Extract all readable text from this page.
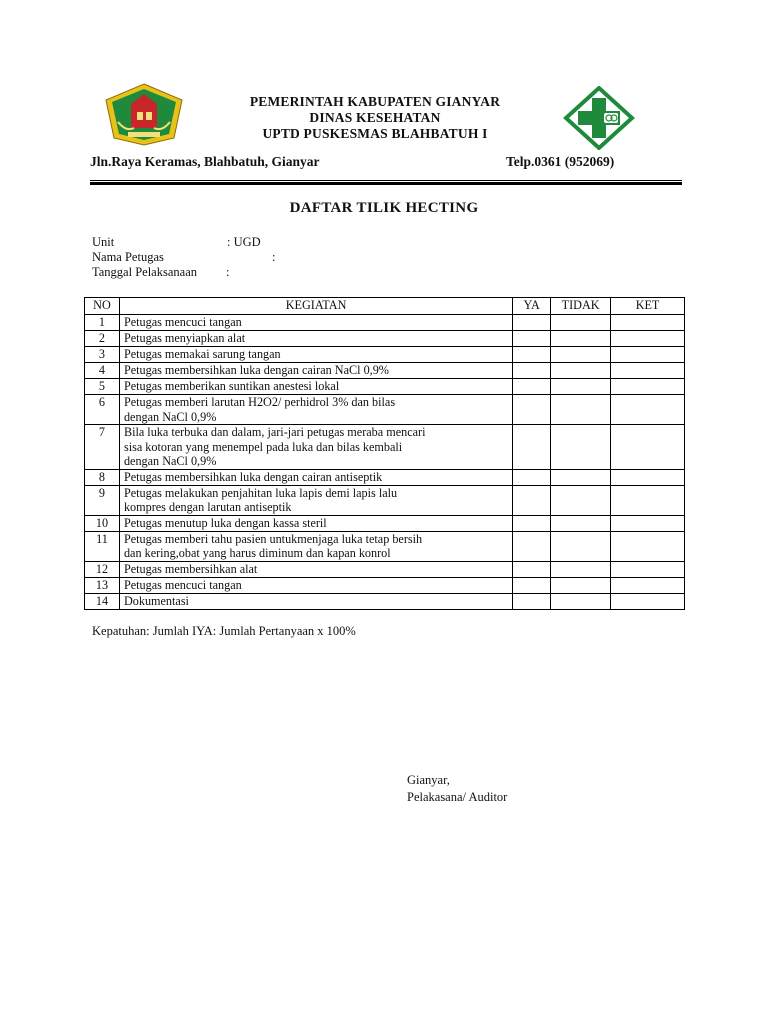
PEMERINTAH KABUPATEN GIANYAR
DINAS KESEHATAN
UPTD PUSKESMAS BLAHBATUH I
Jln.Raya Keramas, Blahbatuh, Gianyar	Telp.0361 (952069)
DAFTAR TILIK HECTING
Unit	: UGD
Nama Petugas	:
Tanggal Pelaksanaan :
NO	KEGIATAN	YA	TIDAK	KET
1	Petugas mencuci tangan			

2	Petugas menyiapkan alat			

3	Petugas memakai sarung tangan			

4	Petugas membersihkan luka dengan cairan NaCl 0,9%			

5	Petugas memberikan suntikan anestesi lokal			

6	Petugas memberi larutan H2O2/ perhidrol 3% dan bilas
dengan NaCl 0,9%			

7	Bila luka terbuka dan dalam, jari-jari petugas meraba mencari
sisa kotoran yang menempel pada luka dan bilas kembali
dengan NaCl 0,9%			

8	Petugas membersihkan luka dengan cairan antiseptik			

9	Petugas melakukan penjahitan luka lapis demi lapis lalu
kompres dengan larutan antiseptik			

10	Petugas menutup luka dengan kassa steril			

11	Petugas memberi tahu pasien untukmenjaga luka tetap bersih
dan kering,obat yang harus diminum dan kapan konrol			

12	Petugas membersihkan alat			

13	Petugas mencuci tangan			

14	Dokumentasi			

Kepatuhan: Jumlah IYA: Jumlah Pertanyaan x 100%
Gianyar,
Pelakasana/ Auditor
